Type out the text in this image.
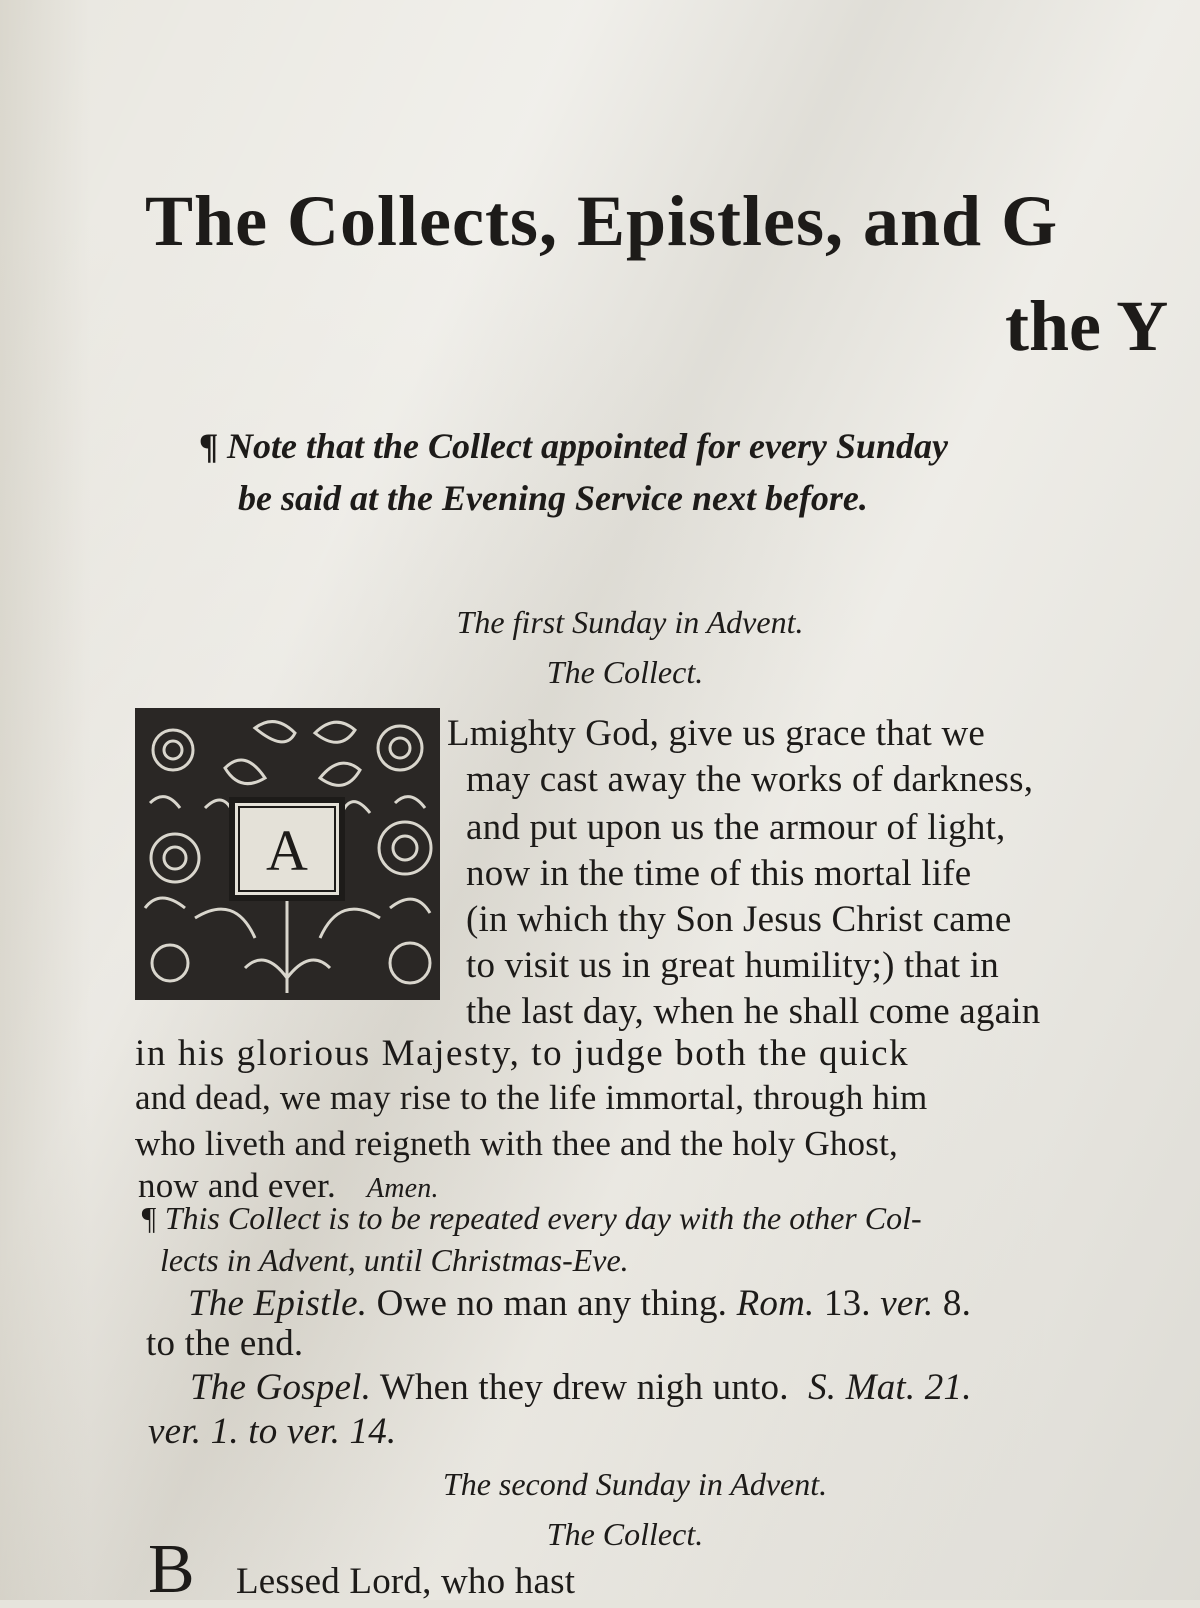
The Collects, Epistles, and G
the Y
¶ Note that the Collect appointed for every Sunday
be said at the Evening Service next before.
The first Sunday in Advent.
The Collect.
A
Lmighty God, give us grace that we
may cast away the works of darkness,
and put upon us the armour of light,
now in the time of this mortal life
(in which thy Son Jesus Christ came
to visit us in great humility;) that in
the last day, when he shall come again
in his glorious Majesty, to judge both the quick
and dead, we may rise to the life immortal, through him
who liveth and reigneth with thee and the holy Ghost,
now and ever. Amen.
¶ This Collect is to be repeated every day with the other Col-
lects in Advent, until Christmas-Eve.
The Epistle. Owe no man any thing. Rom. 13. ver. 8.
to the end.
The Gospel. When they drew nigh unto. S. Mat. 21.
ver. 1. to ver. 14.
The second Sunday in Advent.
The Collect.
B Lessed Lord, who hast
